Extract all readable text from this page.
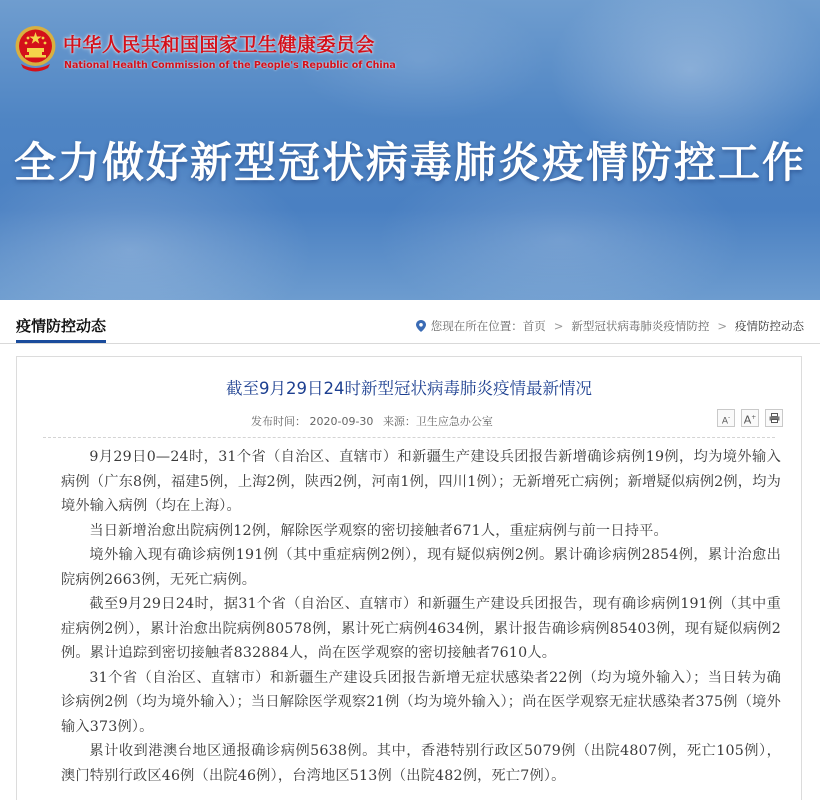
中华人民共和国国家卫生健康委员会
National Health Commission of the People's Republic of China
全力做好新型冠状病毒肺炎疫情防控工作
疫情防控动态	您现在所在位置： 首页 > 新型冠状病毒肺炎疫情防控 > 疫情防控动态
截至9月29日24时新型冠状病毒肺炎疫情最新情况
发布时间： 2020-09-30 来源：卫生应急办公室	A-	A+

9月29日0—24时，31个省（自治区、直辖市）和新疆生产建设兵团报告新增确诊病例19例，均为境外输入病例（广东8例，福建5例，上海2例，陕西2例，河南1例，四川1例）；无新增死亡病例；新增疑似病例2例，均为境外输入病例（均在上海）。

当日新增治愈出院病例12例，解除医学观察的密切接触者671人，重症病例与前一日持平。

境外输入现有确诊病例191例（其中重症病例2例），现有疑似病例2例。累计确诊病例2854例，累计治愈出院病例2663例，无死亡病例。

截至9月29日24时，据31个省（自治区、直辖市）和新疆生产建设兵团报告，现有确诊病例191例（其中重症病例2例），累计治愈出院病例80578例，累计死亡病例4634例，累计报告确诊病例85403例，现有疑似病例2例。累计追踪到密切接触者832884人，尚在医学观察的密切接触者7610人。

31个省（自治区、直辖市）和新疆生产建设兵团报告新增无症状感染者22例（均为境外输入）；当日转为确诊病例2例（均为境外输入）；当日解除医学观察21例（均为境外输入）；尚在医学观察无症状感染者375例（境外输入373例）。

累计收到港澳台地区通报确诊病例5638例。其中，香港特别行政区5079例（出院4807例，死亡105例），澳门特别行政区46例（出院46例），台湾地区513例（出院482例，死亡7例）。
